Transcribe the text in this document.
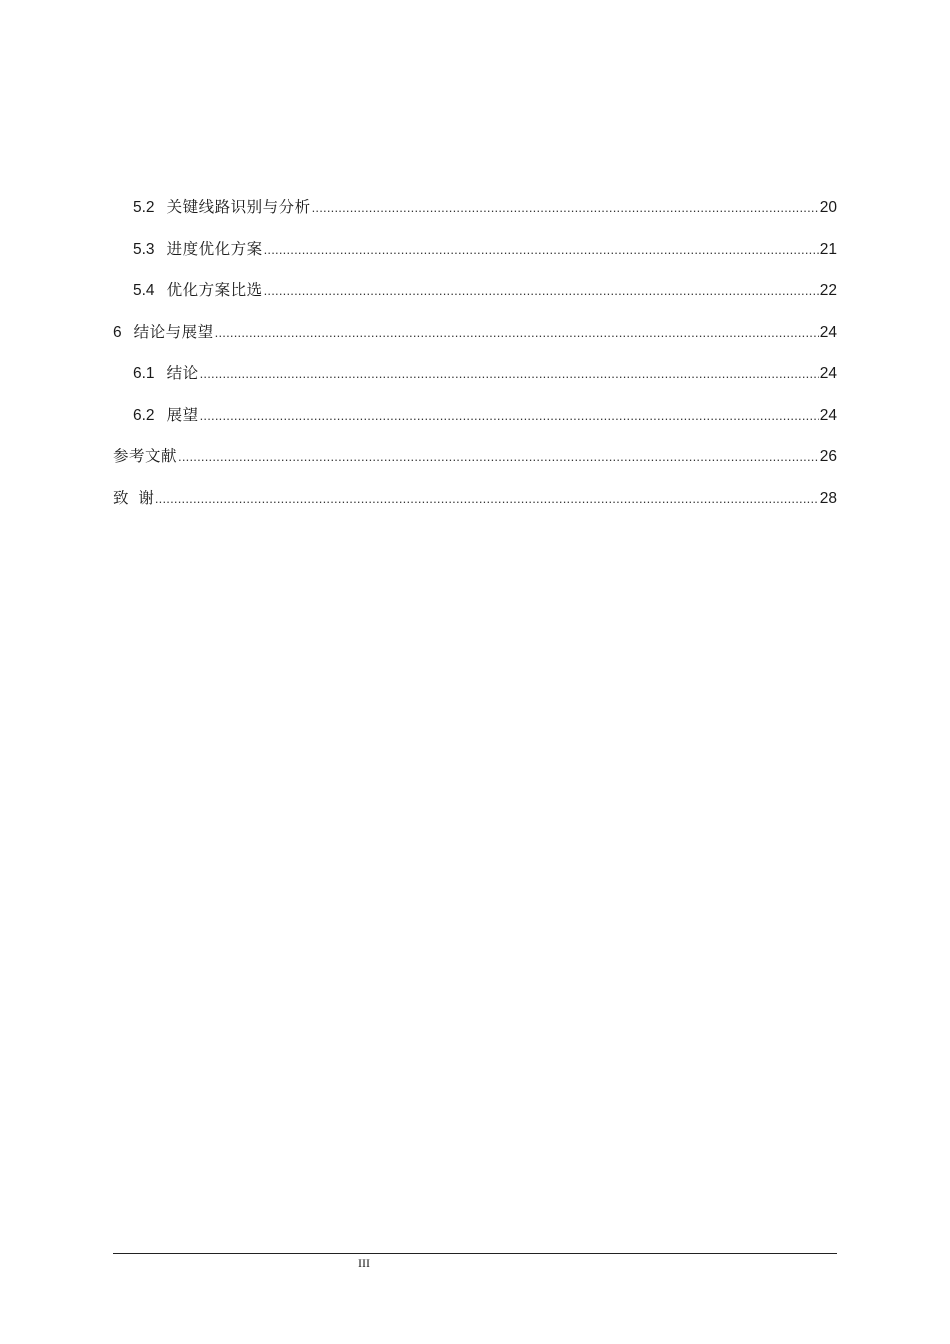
5.2 关键线路识别与分析 .....	20
5.3 进度优化方案 .....	21
5.4 优化方案比选 .....	22
6 结论与展望 .....	24
6.1 结论 .....	24
6.2 展望 .....	24
参考文献 .....	26
致  谢 .....	28
III
